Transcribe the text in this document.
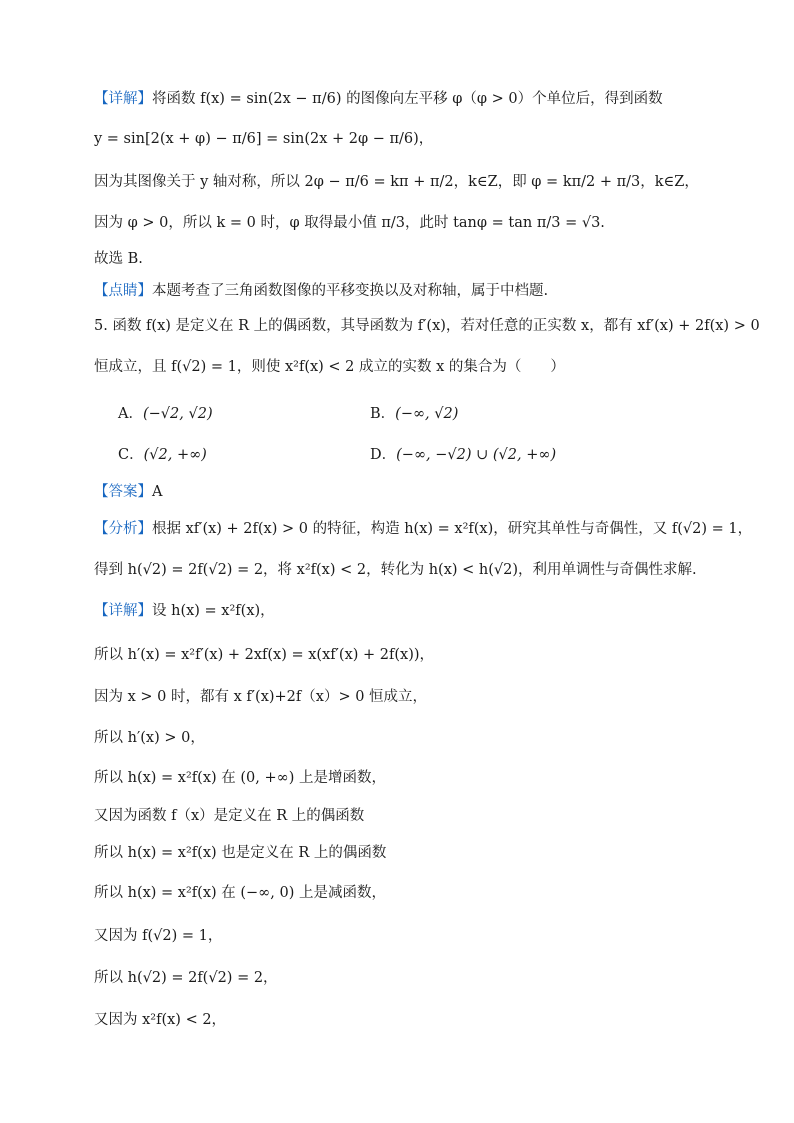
【详解】将函数 f(x) = sin(2x − π/6) 的图像向左平移 φ（φ > 0）个单位后，得到函数
y = sin[2(x + φ) − π/6] = sin(2x + 2φ − π/6)，
因为其图像关于 y 轴对称，所以 2φ − π/6 = kπ + π/2，k∈Z，即 φ = kπ/2 + π/3，k∈Z，
因为 φ > 0，所以 k = 0 时，φ 取得最小值 π/3，此时 tanφ = tan π/3 = √3.
故选 B.
【点睛】本题考查了三角函数图像的平移变换以及对称轴，属于中档题.
5. 函数 f(x) 是定义在 R 上的偶函数，其导函数为 f′(x)，若对任意的正实数 x，都有 xf′(x) + 2f(x) > 0
恒成立，且 f(√2) = 1，则使 x²f(x) < 2 成立的实数 x 的集合为（　　）
A．(−√2, √2)	B．(−∞, √2)
C．(√2, +∞)	D．(−∞, −√2) ∪ (√2, +∞)
【答案】A
【分析】根据 xf′(x) + 2f(x) > 0 的特征，构造 h(x) = x²f(x)，研究其单性与奇偶性，又 f(√2) = 1，
得到 h(√2) = 2f(√2) = 2，将 x²f(x) < 2，转化为 h(x) < h(√2)，利用单调性与奇偶性求解.
【详解】设 h(x) = x²f(x)，
所以 h′(x) = x²f′(x) + 2xf(x) = x(xf′(x) + 2f(x))，
因为 x > 0 时，都有 x f′(x)+2f（x）> 0 恒成立，
所以 h′(x) > 0，
所以 h(x) = x²f(x) 在 (0, +∞) 上是增函数，
又因为函数 f（x）是定义在 R 上的偶函数
所以 h(x) = x²f(x) 也是定义在 R 上的偶函数
所以 h(x) = x²f(x) 在 (−∞, 0) 上是减函数，
又因为 f(√2) = 1，
所以 h(√2) = 2f(√2) = 2，
又因为 x²f(x) < 2，
